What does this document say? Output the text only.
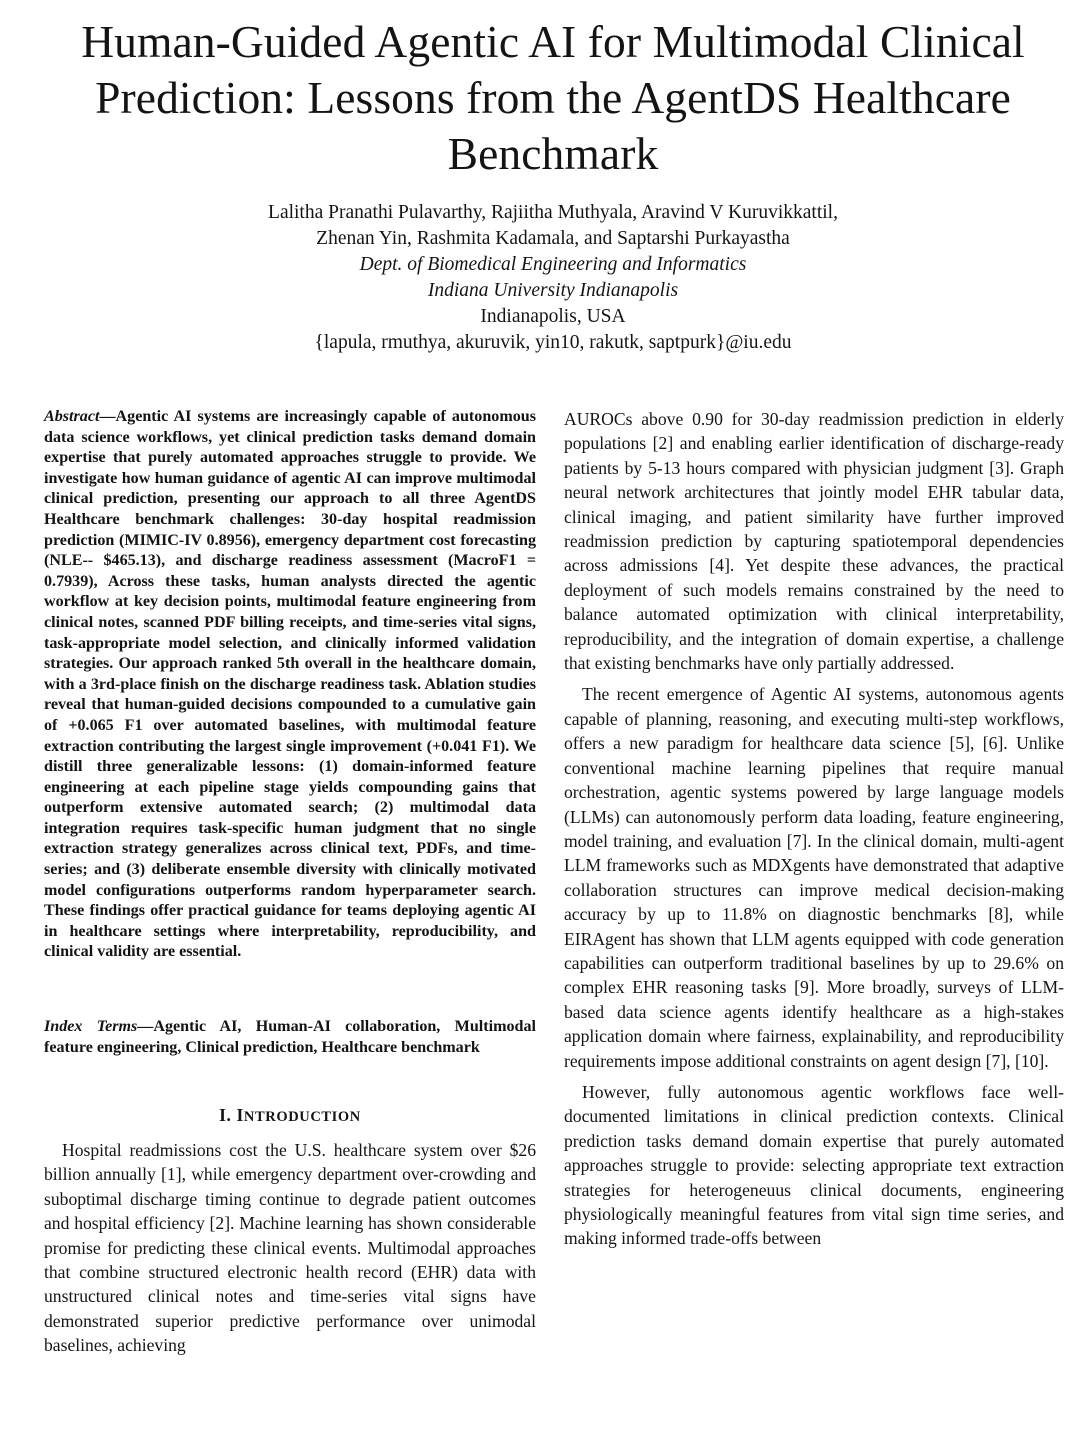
Human-Guided Agentic AI for Multimodal Clinical Prediction: Lessons from the AgentDS Healthcare Benchmark
Lalitha Pranathi Pulavarthy, Rajiitha Muthyala, Aravind V Kuruvikkattil,
Zhenan Yin, Rashmita Kadamala, and Saptarshi Purkayastha
Dept. of Biomedical Engineering and Informatics
Indiana University Indianapolis
Indianapolis, USA
{lapula, rmuthya, akuruvik, yin10, rakutk, saptpurk}@iu.edu

Abstract—Agentic AI systems are increasingly capable of autonomous data science workflows, yet clinical prediction tasks demand domain expertise that purely automated approaches struggle to provide. We investigate how human guidance of agentic AI can improve multimodal clinical prediction, presenting our approach to all three AgentDS Healthcare benchmark challenges: 30-day hospital readmission prediction (MIMIC-IV 0.8956), emergency department cost forecasting (NLE-- $465.13), and discharge readiness assessment (MacroF1 = 0.7939), Across these tasks, human analysts directed the agentic workflow at key decision points, multimodal feature engineering from clinical notes, scanned PDF billing receipts, and time-series vital signs, task-appropriate model selection, and clinically informed validation strategies. Our approach ranked 5th overall in the healthcare domain, with a 3rd-place finish on the discharge readiness task. Ablation studies reveal that human-guided decisions compounded to a cumulative gain of +0.065 F1 over automated baselines, with multimodal feature extraction contributing the largest single improvement (+0.041 F1). We distill three generalizable lessons: (1) domain-informed feature engineering at each pipeline stage yields compounding gains that outperform extensive automated search; (2) multimodal data integration requires task-specific human judgment that no single extraction strategy generalizes across clinical text, PDFs, and time-series; and (3) deliberate ensemble diversity with clinically motivated model configurations outperforms random hyperparameter search. These findings offer practical guidance for teams deploying agentic AI in healthcare settings where interpretability, reproducibility, and clinical validity are essential.

Index Terms—Agentic AI, Human-AI collaboration, Multimodal feature engineering, Clinical prediction, Healthcare benchmark

I. INTRODUCTION

Hospital readmissions cost the U.S. healthcare system over $26 billion annually [1], while emergency department over-crowding and suboptimal discharge timing continue to degrade patient outcomes and hospital efficiency [2]. Machine learning has shown considerable promise for predicting these clinical events. Multimodal approaches that combine structured electronic health record (EHR) data with unstructured clinical notes and time-series vital signs have demonstrated superior predictive performance over unimodal baselines, achieving

AUROCs above 0.90 for 30-day readmission prediction in elderly populations [2] and enabling earlier identification of discharge-ready patients by 5-13 hours compared with physician judgment [3]. Graph neural network architectures that jointly model EHR tabular data, clinical imaging, and patient similarity have further improved readmission prediction by capturing spatiotemporal dependencies across admissions [4]. Yet despite these advances, the practical deployment of such models remains constrained by the need to balance automated optimization with clinical interpretability, reproducibility, and the integration of domain expertise, a challenge that existing benchmarks have only partially addressed.

The recent emergence of Agentic AI systems, autonomous agents capable of planning, reasoning, and executing multi-step workflows, offers a new paradigm for healthcare data science [5], [6]. Unlike conventional machine learning pipelines that require manual orchestration, agentic systems powered by large language models (LLMs) can autonomously perform data loading, feature engineering, model training, and evaluation [7]. In the clinical domain, multi-agent LLM frameworks such as MDXgents have demonstrated that adaptive collaboration structures can improve medical decision-making accuracy by up to 11.8% on diagnostic benchmarks [8], while EIRAgent has shown that LLM agents equipped with code generation capabilities can outperform traditional baselines by up to 29.6% on complex EHR reasoning tasks [9]. More broadly, surveys of LLM-based data science agents identify healthcare as a high-stakes application domain where fairness, explainability, and reproducibility requirements impose additional constraints on agent design [7], [10].

However, fully autonomous agentic workflows face well-documented limitations in clinical prediction contexts. Clinical prediction tasks demand domain expertise that purely automated approaches struggle to provide: selecting appropriate text extraction strategies for heterogeneuus clinical documents, engineering physiologically meaningful features from vital sign time series, and making informed trade-offs between
